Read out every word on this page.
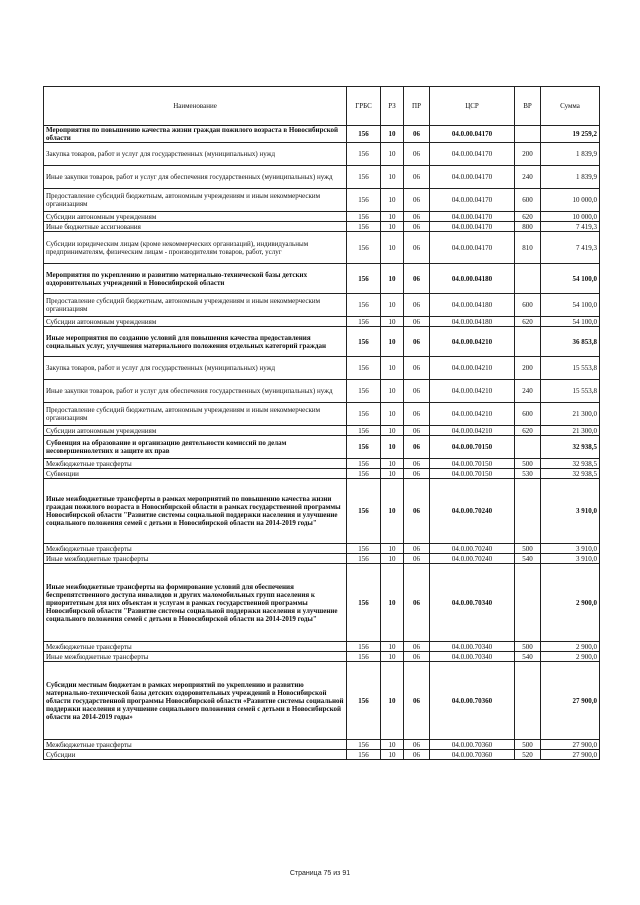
Наименование	ГРБС	РЗ	ПР	ЦСР	ВР	Сумма
Мероприятия по повышению качества жизни граждан пожилого возраста в Новосибирской области	156	10	06	04.0.00.04170		19 259,2
Закупка товаров, работ и услуг для государственных (муниципальных) нужд	156	10	06	04.0.00.04170	200	1 839,9
Иные закупки товаров, работ и услуг для обеспечения государственных (муниципальных) нужд	156	10	06	04.0.00.04170	240	1 839,9
Предоставление субсидий бюджетным, автономным учреждениям и иным некоммерческим организациям	156	10	06	04.0.00.04170	600	10 000,0
Субсидии автономным учреждениям	156	10	06	04.0.00.04170	620	10 000,0
Иные бюджетные ассигнования	156	10	06	04.0.00.04170	800	7 419,3
Субсидии юридическим лицам (кроме некоммерческих организаций), индивидуальным предпринимателям, физическим лицам - производителям товаров, работ, услуг	156	10	06	04.0.00.04170	810	7 419,3
Мероприятия по укреплению и развитию материально-технической базы детских оздоровительных учреждений в Новосибирской области	156	10	06	04.0.00.04180		54 100,0
Предоставление субсидий бюджетным, автономным учреждениям и иным некоммерческим организациям	156	10	06	04.0.00.04180	600	54 100,0
Субсидии автономным учреждениям	156	10	06	04.0.00.04180	620	54 100,0
Иные мероприятия по созданию условий для повышения качества предоставления социальных услуг, улучшения материального положения отдельных категорий граждан	156	10	06	04.0.00.04210		36 853,8
Закупка товаров, работ и услуг для государственных (муниципальных) нужд	156	10	06	04.0.00.04210	200	15 553,8
Иные закупки товаров, работ и услуг для обеспечения государственных (муниципальных) нужд	156	10	06	04.0.00.04210	240	15 553,8
Предоставление субсидий бюджетным, автономным учреждениям и иным некоммерческим организациям	156	10	06	04.0.00.04210	600	21 300,0
Субсидии автономным учреждениям	156	10	06	04.0.00.04210	620	21 300,0
Субвенция на образование и организацию деятельности комиссий по делам несовершеннолетних и защите их прав	156	10	06	04.0.00.70150		32 938,5
Межбюджетные трансферты	156	10	06	04.0.00.70150	500	32 938,5
Субвенции	156	10	06	04.0.00.70150	530	32 938,5
Иные межбюджетные трансферты в рамках мероприятий по повышению качества жизни граждан пожилого возраста в Новосибирской области в рамках государственной программы Новосибирской области "Развитие системы социальной поддержки населения и улучшение социального положения семей с детьми в Новосибирской области на 2014-2019 годы"	156	10	06	04.0.00.70240		3 910,0
Межбюджетные трансферты	156	10	06	04.0.00.70240	500	3 910,0
Иные межбюджетные трансферты	156	10	06	04.0.00.70240	540	3 910,0
Иные межбюджетные трансферты на формирование условий для обеспечения беспрепятственного доступа инвалидов и других маломобильных групп населения к приоритетным для них объектам и услугам в рамках государственной программы Новосибирской области "Развитие системы социальной поддержки населения и улучшение социального положения семей с детьми в Новосибирской области на 2014-2019 годы"	156	10	06	04.0.00.70340		2 900,0
Межбюджетные трансферты	156	10	06	04.0.00.70340	500	2 900,0
Иные межбюджетные трансферты	156	10	06	04.0.00.70340	540	2 900,0
Субсидии местным бюджетам в рамках мероприятий по укреплению и развитию материально-технической базы детских оздоровительных учреждений в Новосибирской области государственной программы Новосибирской области «Развитие системы социальной поддержки населения и улучшение социального положения семей с детьми в Новосибирской области на 2014-2019 годы»	156	10	06	04.0.00.70360		27 900,0
Межбюджетные трансферты	156	10	06	04.0.00.70360	500	27 900,0
Субсидии	156	10	06	04.0.00.70360	520	27 900,0
Страница 75 из 91
